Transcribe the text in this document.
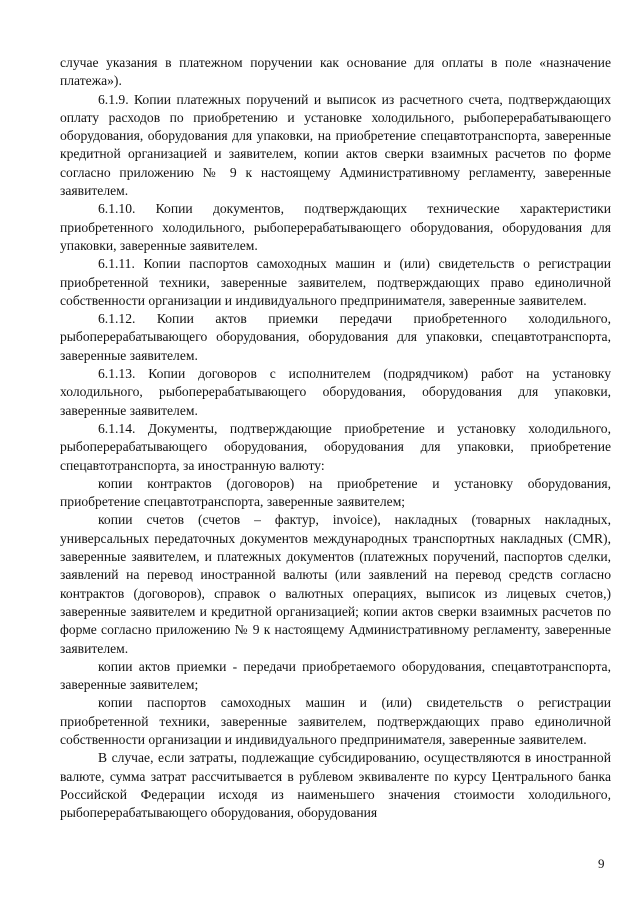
случае указания в платежном поручении как основание для оплаты в поле «назначение платежа»).

6.1.9. Копии платежных поручений и выписок из расчетного счета, подтверждающих оплату расходов по приобретению и установке холодильного, рыбоперерабатывающего оборудования, оборудования для упаковки, на приобретение спецавтотранспорта, заверенные кредитной организацией и заявителем, копии актов сверки взаимных расчетов по форме согласно приложению № 9 к настоящему Административному регламенту, заверенные заявителем.

6.1.10. Копии документов, подтверждающих технические характеристики приобретенного холодильного, рыбоперерабатывающего оборудования, оборудования для упаковки, заверенные заявителем.

6.1.11. Копии паспортов самоходных машин и (или) свидетельств о регистрации приобретенной техники, заверенные заявителем, подтверждающих право единоличной собственности организации и индивидуального предпринимателя, заверенные заявителем.

6.1.12. Копии актов приемки передачи приобретенного холодильного, рыбоперерабатывающего оборудования, оборудования для упаковки, спецавтотранспорта, заверенные заявителем.

6.1.13. Копии договоров с исполнителем (подрядчиком) работ на установку холодильного, рыбоперерабатывающего оборудования, оборудования для упаковки, заверенные заявителем.

6.1.14. Документы, подтверждающие приобретение и установку холодильного, рыбоперерабатывающего оборудования, оборудования для упаковки, приобретение спецавтотранспорта, за иностранную валюту:

копии контрактов (договоров) на приобретение и установку оборудования, приобретение спецавтотранспорта, заверенные заявителем;

копии счетов (счетов – фактур, invoice), накладных (товарных накладных, универсальных передаточных документов международных транспортных накладных (CMR), заверенные заявителем, и платежных документов (платежных поручений, паспортов сделки, заявлений на перевод иностранной валюты (или заявлений на перевод средств согласно контрактов (договоров), справок о валютных операциях, выписок из лицевых счетов,) заверенные заявителем и кредитной организацией; копии актов сверки взаимных расчетов по форме согласно приложению № 9 к настоящему Административному регламенту, заверенные заявителем.

копии актов приемки - передачи приобретаемого оборудования, спецавтотранспорта, заверенные заявителем;

копии паспортов самоходных машин и (или) свидетельств о регистрации приобретенной техники, заверенные заявителем, подтверждающих право единоличной собственности организации и индивидуального предпринимателя, заверенные заявителем.

В случае, если затраты, подлежащие субсидированию, осуществляются в иностранной валюте, сумма затрат рассчитывается в рублевом эквиваленте по курсу Центрального банка Российской Федерации исходя из наименьшего значения стоимости холодильного, рыбоперерабатывающего оборудования, оборудования

9
